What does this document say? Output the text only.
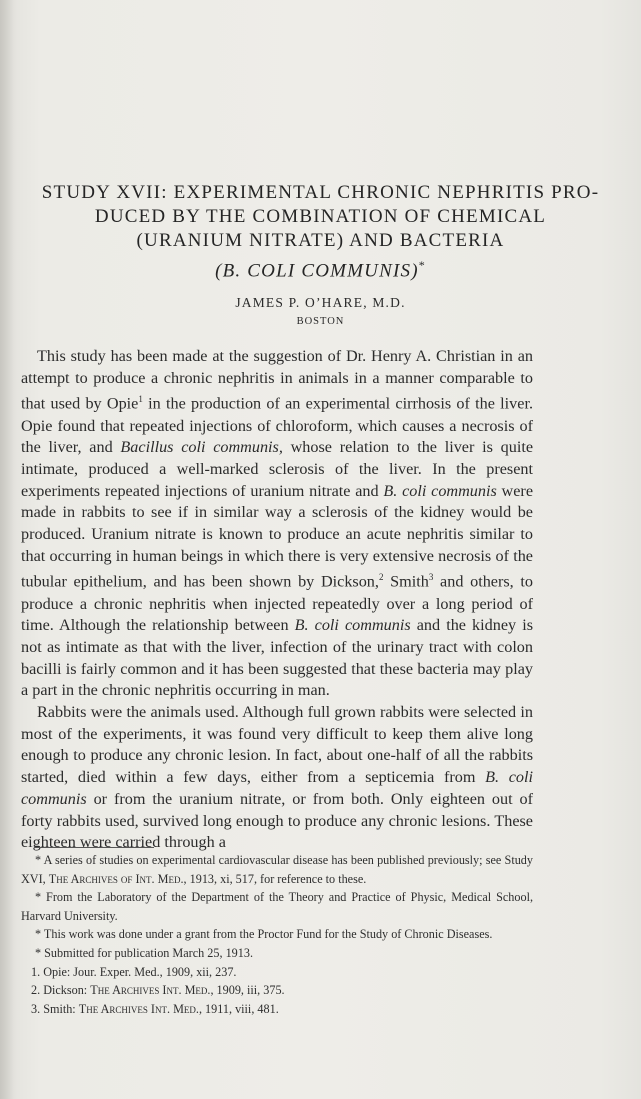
STUDY XVII: EXPERIMENTAL CHRONIC NEPHRITIS PRO-
DUCED BY THE COMBINATION OF CHEMICAL
(URANIUM NITRATE) AND BACTERIA
(B. COLI COMMUNIS)*
JAMES P. O’HARE, M.D.
BOSTON

This study has been made at the suggestion of Dr. Henry A. Christian in an attempt to produce a chronic nephritis in animals in a manner comparable to that used by Opie$^1$ in the production of an experimental cirrhosis of the liver. Opie found that repeated injections of chloroform, which causes a necrosis of the liver, and Bacillus coli communis, whose relation to the liver is quite intimate, produced a well-marked sclerosis of the liver. In the present experiments repeated injections of uranium nitrate and B. coli communis were made in rabbits to see if in similar way a sclerosis of the kidney would be produced. Uranium nitrate is known to produce an acute nephritis similar to that occurring in human beings in which there is very extensive necrosis of the tubular epithelium, and has been shown by Dickson,$^2$ Smith$^3$ and others, to produce a chronic nephritis when injected repeatedly over a long period of time. Although the relationship between B. coli communis and the kidney is not as intimate as that with the liver, infection of the urinary tract with colon bacilli is fairly common and it has been suggested that these bacteria may play a part in the chronic nephritis occurring in man.

Rabbits were the animals used. Although full grown rabbits were selected in most of the experiments, it was found very difficult to keep them alive long enough to produce any chronic lesion. In fact, about one-half of all the rabbits started, died within a few days, either from a septicemia from B. coli communis or from the uranium nitrate, or from both. Only eighteen out of forty rabbits used, survived long enough to produce any chronic lesions. These eighteen were carried through a

* A series of studies on experimental cardiovascular disease has been published previously; see Study XVI, The Archives of Int. Med., 1913, xi, 517, for reference to these.

* From the Laboratory of the Department of the Theory and Practice of Physic, Medical School, Harvard University.

* This work was done under a grant from the Proctor Fund for the Study of Chronic Diseases.

* Submitted for publication March 25, 1913.

1. Opie: Jour. Exper. Med., 1909, xii, 237.

2. Dickson: The Archives Int. Med., 1909, iii, 375.

3. Smith: The Archives Int. Med., 1911, viii, 481.
